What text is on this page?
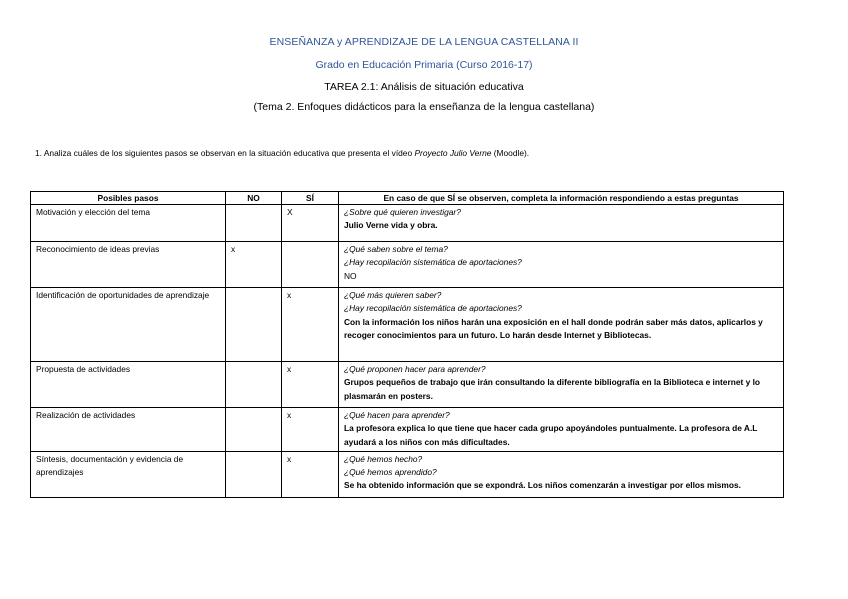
ENSEÑANZA y APRENDIZAJE DE LA LENGUA CASTELLANA II
Grado en Educación Primaria (Curso 2016-17)
TAREA 2.1: Análisis de situación educativa
(Tema 2. Enfoques didácticos para la enseñanza de la lengua castellana)
1. Analiza cuáles de los siguientes pasos se observan en la situación educativa que presenta el vídeo Proyecto Julio Verne (Moodle).
Posibles pasos	NO	SÍ	En caso de que SÍ se observen, completa la información respondiendo a estas preguntas
Motivación y elección del tema		X	¿Sobre qué quieren investigar?
Julio Verne vida y obra.

Reconocimiento de ideas previas	x		¿Qué saben sobre el tema?
¿Hay recopilación sistemática de aportaciones?
NO

Identificación de oportunidades de aprendizaje		x	¿Qué más quieren saber?
¿Hay recopilación sistemática de aportaciones?
Con la información los niños harán una exposición en el hall donde podrán saber más datos, aplicarlos y recoger conocimientos para un futuro. Lo harán desde Internet y Bibliotecas.

Propuesta de actividades		x	¿Qué proponen hacer para aprender?
Grupos pequeños de trabajo que irán consultando la diferente bibliografía en la Biblioteca e internet y lo plasmarán en posters.

Realización de actividades		x	¿Qué hacen para aprender?
La profesora explica lo que tiene que hacer cada grupo apoyándoles puntualmente. La profesora de A.L ayudará a los niños con más dificultades.

Síntesis, documentación y evidencia de aprendizajes		x	¿Qué hemos hecho?
¿Qué hemos aprendido?
Se ha obtenido información que se expondrá. Los niños comenzarán a investigar por ellos mismos.
